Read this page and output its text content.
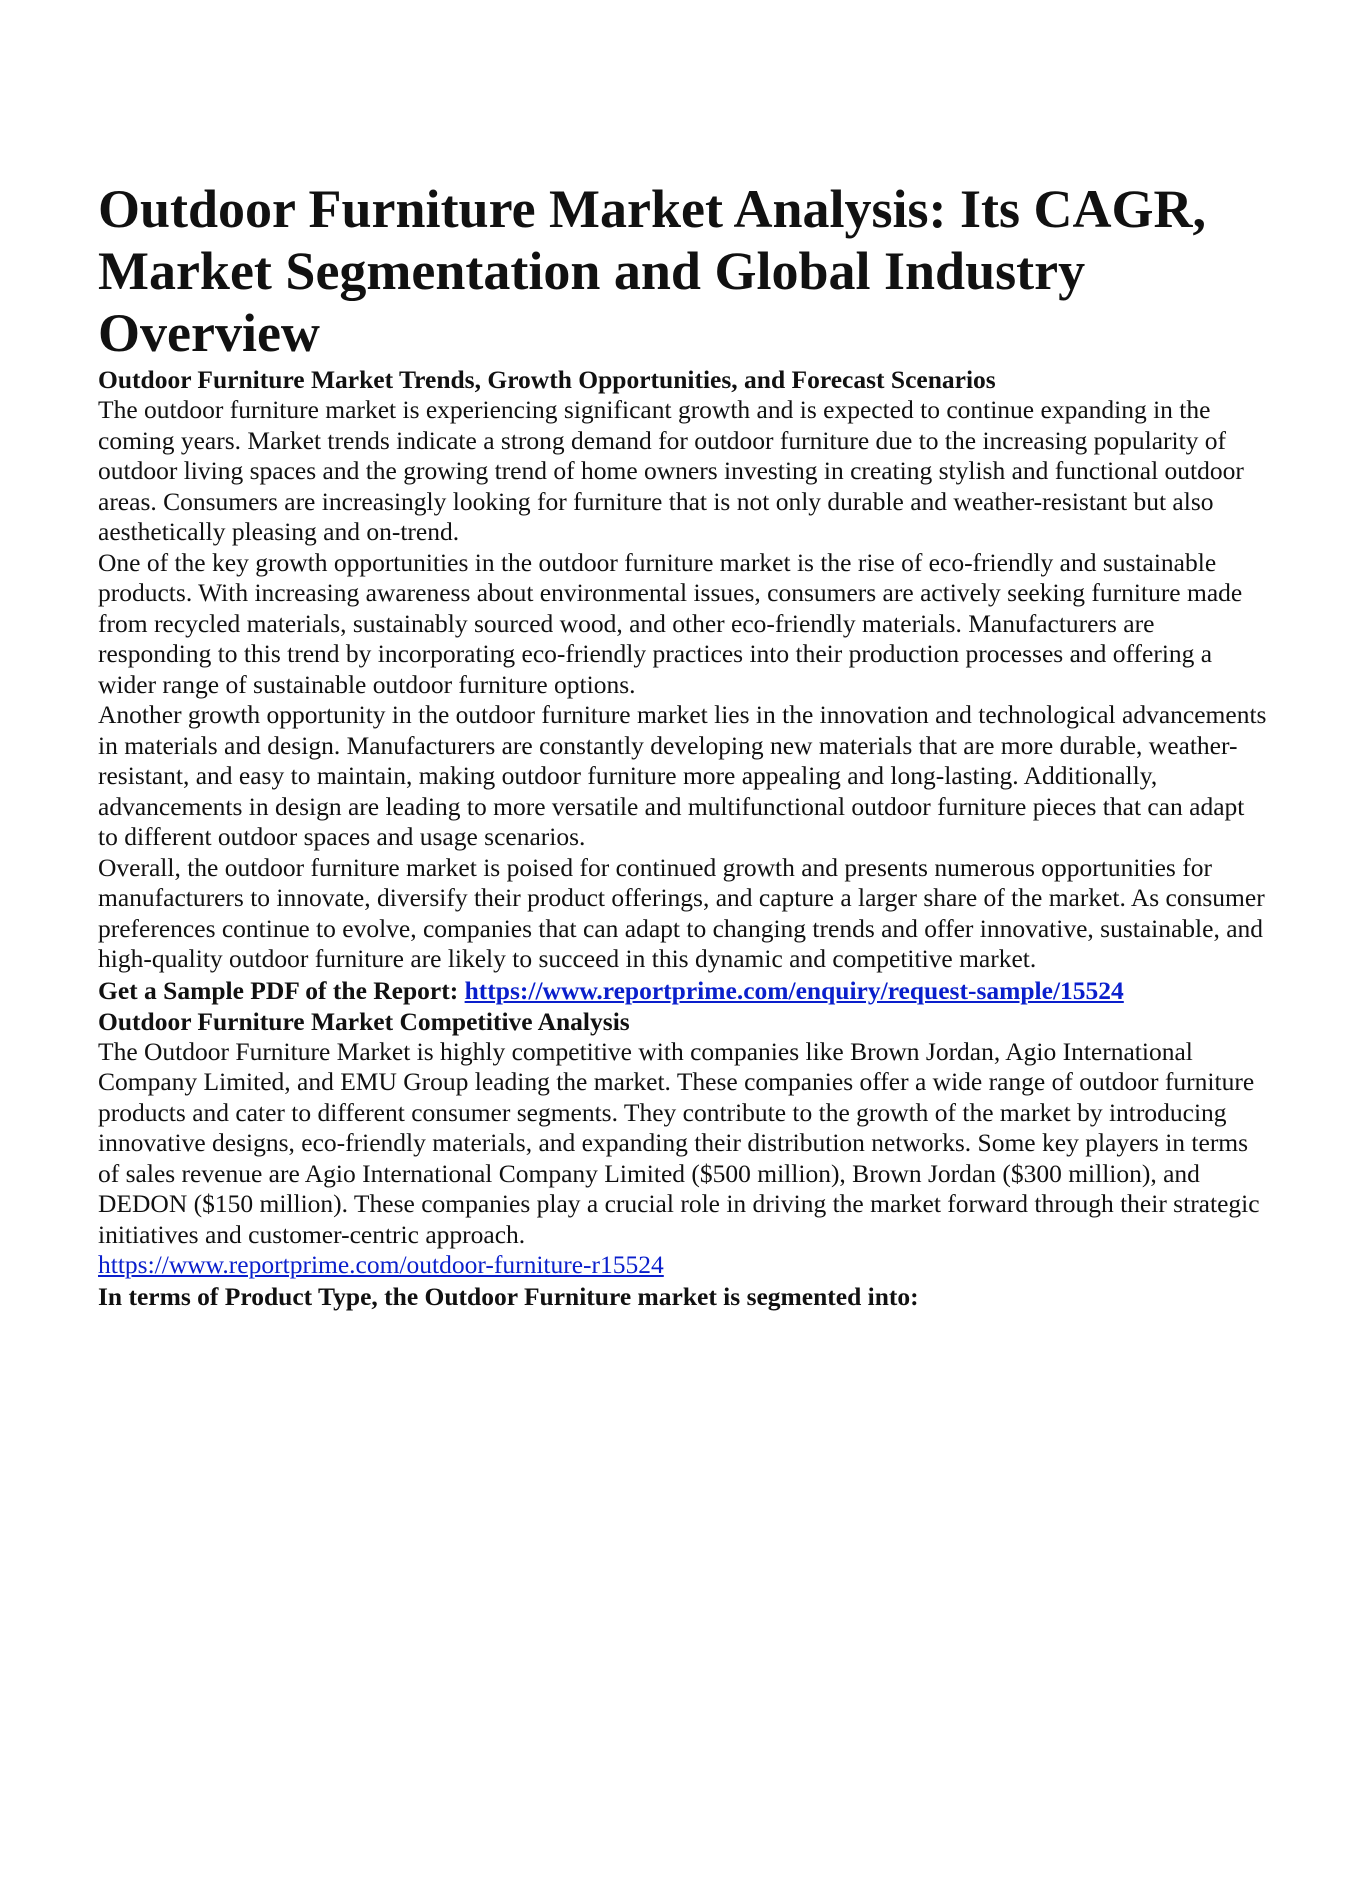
Outdoor Furniture Market Analysis: Its CAGR, Market Segmentation and Global Industry Overview
Outdoor Furniture Market Trends, Growth Opportunities, and Forecast Scenarios

The outdoor furniture market is experiencing significant growth and is expected to continue expanding in the coming years. Market trends indicate a strong demand for outdoor furniture due to the increasing popularity of outdoor living spaces and the growing trend of home owners investing in creating stylish and functional outdoor areas. Consumers are increasingly looking for furniture that is not only durable and weather-resistant but also aesthetically pleasing and on-trend.

One of the key growth opportunities in the outdoor furniture market is the rise of eco-friendly and sustainable products. With increasing awareness about environmental issues, consumers are actively seeking furniture made from recycled materials, sustainably sourced wood, and other eco-friendly materials. Manufacturers are responding to this trend by incorporating eco-friendly practices into their production processes and offering a wider range of sustainable outdoor furniture options.

Another growth opportunity in the outdoor furniture market lies in the innovation and technological advancements in materials and design. Manufacturers are constantly developing new materials that are more durable, weather-resistant, and easy to maintain, making outdoor furniture more appealing and long-lasting. Additionally, advancements in design are leading to more versatile and multifunctional outdoor furniture pieces that can adapt to different outdoor spaces and usage scenarios.

Overall, the outdoor furniture market is poised for continued growth and presents numerous opportunities for manufacturers to innovate, diversify their product offerings, and capture a larger share of the market. As consumer preferences continue to evolve, companies that can adapt to changing trends and offer innovative, sustainable, and high-quality outdoor furniture are likely to succeed in this dynamic and competitive market.

Get a Sample PDF of the Report: https://www.reportprime.com/enquiry/request-sample/15524
Outdoor Furniture Market Competitive Analysis

The Outdoor Furniture Market is highly competitive with companies like Brown Jordan, Agio International Company Limited, and EMU Group leading the market. These companies offer a wide range of outdoor furniture products and cater to different consumer segments. They contribute to the growth of the market by introducing innovative designs, eco-friendly materials, and expanding their distribution networks. Some key players in terms of sales revenue are Agio International Company Limited ($500 million), Brown Jordan ($300 million), and DEDON ($150 million). These companies play a crucial role in driving the market forward through their strategic initiatives and customer-centric approach.

https://www.reportprime.com/outdoor-furniture-r15524

In terms of Product Type, the Outdoor Furniture market is segmented into:
